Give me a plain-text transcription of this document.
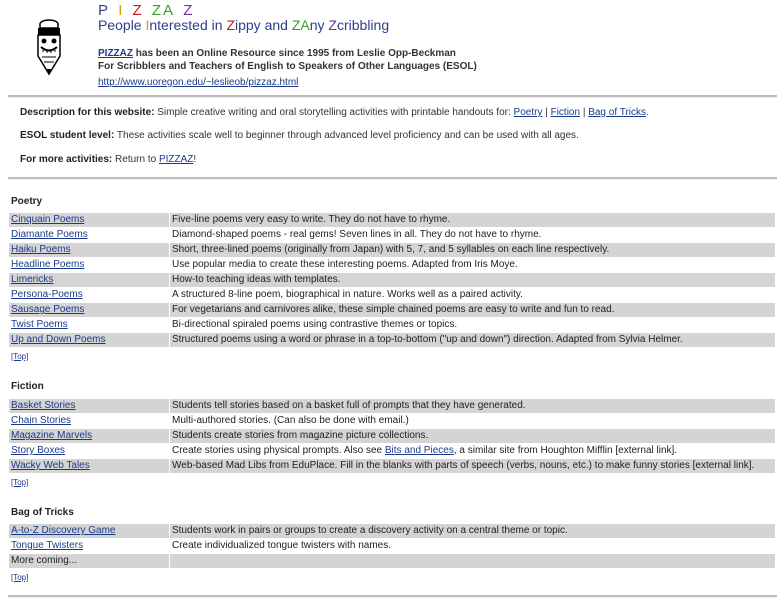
P I Z ZA Z
People Interested in Zippy and ZAny Zcribbling
PIZZAZ has been an Online Resource since 1995 from Leslie Opp-Beckman
For Scribblers and Teachers of English to Speakers of Other Languages (ESOL)
http://www.uoregon.edu/~leslieob/pizzaz.html
Description for this website: Simple creative writing and oral storytelling activities with printable handouts for: Poetry | Fiction | Bag of Tricks.
ESOL student level: These activities scale well to beginner through advanced level proficiency and can be used with all ages.
For more activities: Return to PIZZAZ!
Poetry
Cinquain Poems	Five-line poems very easy to write. They do not have to rhyme.
Diamante Poems	Diamond-shaped poems - real gems! Seven lines in all. They do not have to rhyme.
Haiku Poems	Short, three-lined poems (originally from Japan) with 5, 7, and 5 syllables on each line respectively.
Headline Poems	Use popular media to create these interesting poems. Adapted from Iris Moye.
Limericks	How-to teaching ideas with templates.
Persona-Poems	A structured 8-line poem, biographical in nature. Works well as a paired activity.
Sausage Poems	For vegetarians and carnivores alike, these simple chained poems are easy to write and fun to read.
Twist Poems	Bi-directional spiraled poems using contrastive themes or topics.
Up and Down Poems	Structured poems using a word or phrase in a top-to-bottom ("up and down") direction. Adapted from Sylvia Helmer.
[Top]
Fiction
Basket Stories	Students tell stories based on a basket full of prompts that they have generated.
Chain Stories	Multi-authored stories. (Can also be done with email.)
Magazine Marvels	Students create stories from magazine picture collections.
Story Boxes	Create stories using physical prompts. Also see Bits and Pieces, a similar site from Houghton Mifflin [external link].
Wacky Web Tales	Web-based Mad Libs from EduPlace. Fill in the blanks with parts of speech (verbs, nouns, etc.) to make funny stories [external link].
[Top]
Bag of Tricks
A-to-Z Discovery Game	Students work in pairs or groups to create a discovery activity on a central theme or topic.
Tongue Twisters	Create individualized tongue twisters with names.
More coming...
[Top]
